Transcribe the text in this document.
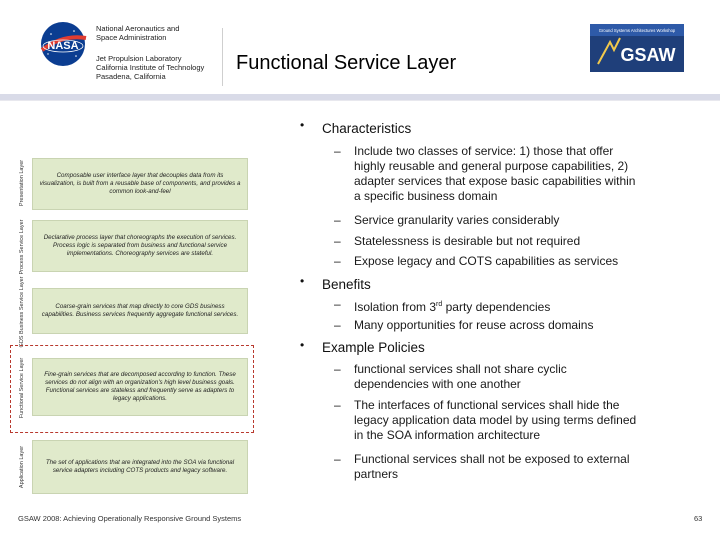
NASA
National Aeronautics and
Space Administration
Jet Propulsion Laboratory
California Institute of Technology
Pasadena, California
Functional Service Layer
Ground Systems Architectures Workshop
GSAW
Presentation Layer	Composable user interface layer that decouples data from its visualization, is built from a reusable base of components, and provides a common look-and-feel
Process Service Layer	Declarative process layer that choreographs the execution of services. Process logic is separated from business and functional service implementations. Choreography services are stateful.
GDS Business Service Layer	Coarse-grain services that map directly to core GDS business capabilities. Business services frequently aggregate functional services.
Functional Service Layer	Fine-grain services that are decomposed according to function. These services do not align with an organization's high level business goals. Functional services are stateless and frequently serve as adapters to legacy applications.
Application Layer	The set of applications that are integrated into the SOA via functional service adapters including COTS products and legacy software.
• Characteristics
– Include two classes of service: 1) those that offer
highly reusable and general purpose capabilities, 2)
adapter services that expose basic capabilities within
a specific business domain
– Service granularity varies considerably
– Statelessness is desirable but not required
– Expose legacy and COTS capabilities as services
• Benefits
– Isolation from 3rd party dependencies
– Many opportunities for reuse across domains
• Example Policies
– functional services shall not share cyclic
dependencies with one another
– The interfaces of functional services shall hide the
legacy application data model by using terms defined
in the SOA information architecture
– Functional services shall not be exposed to external
partners
GSAW 2008: Achieving Operationally Responsive Ground Systems	63
